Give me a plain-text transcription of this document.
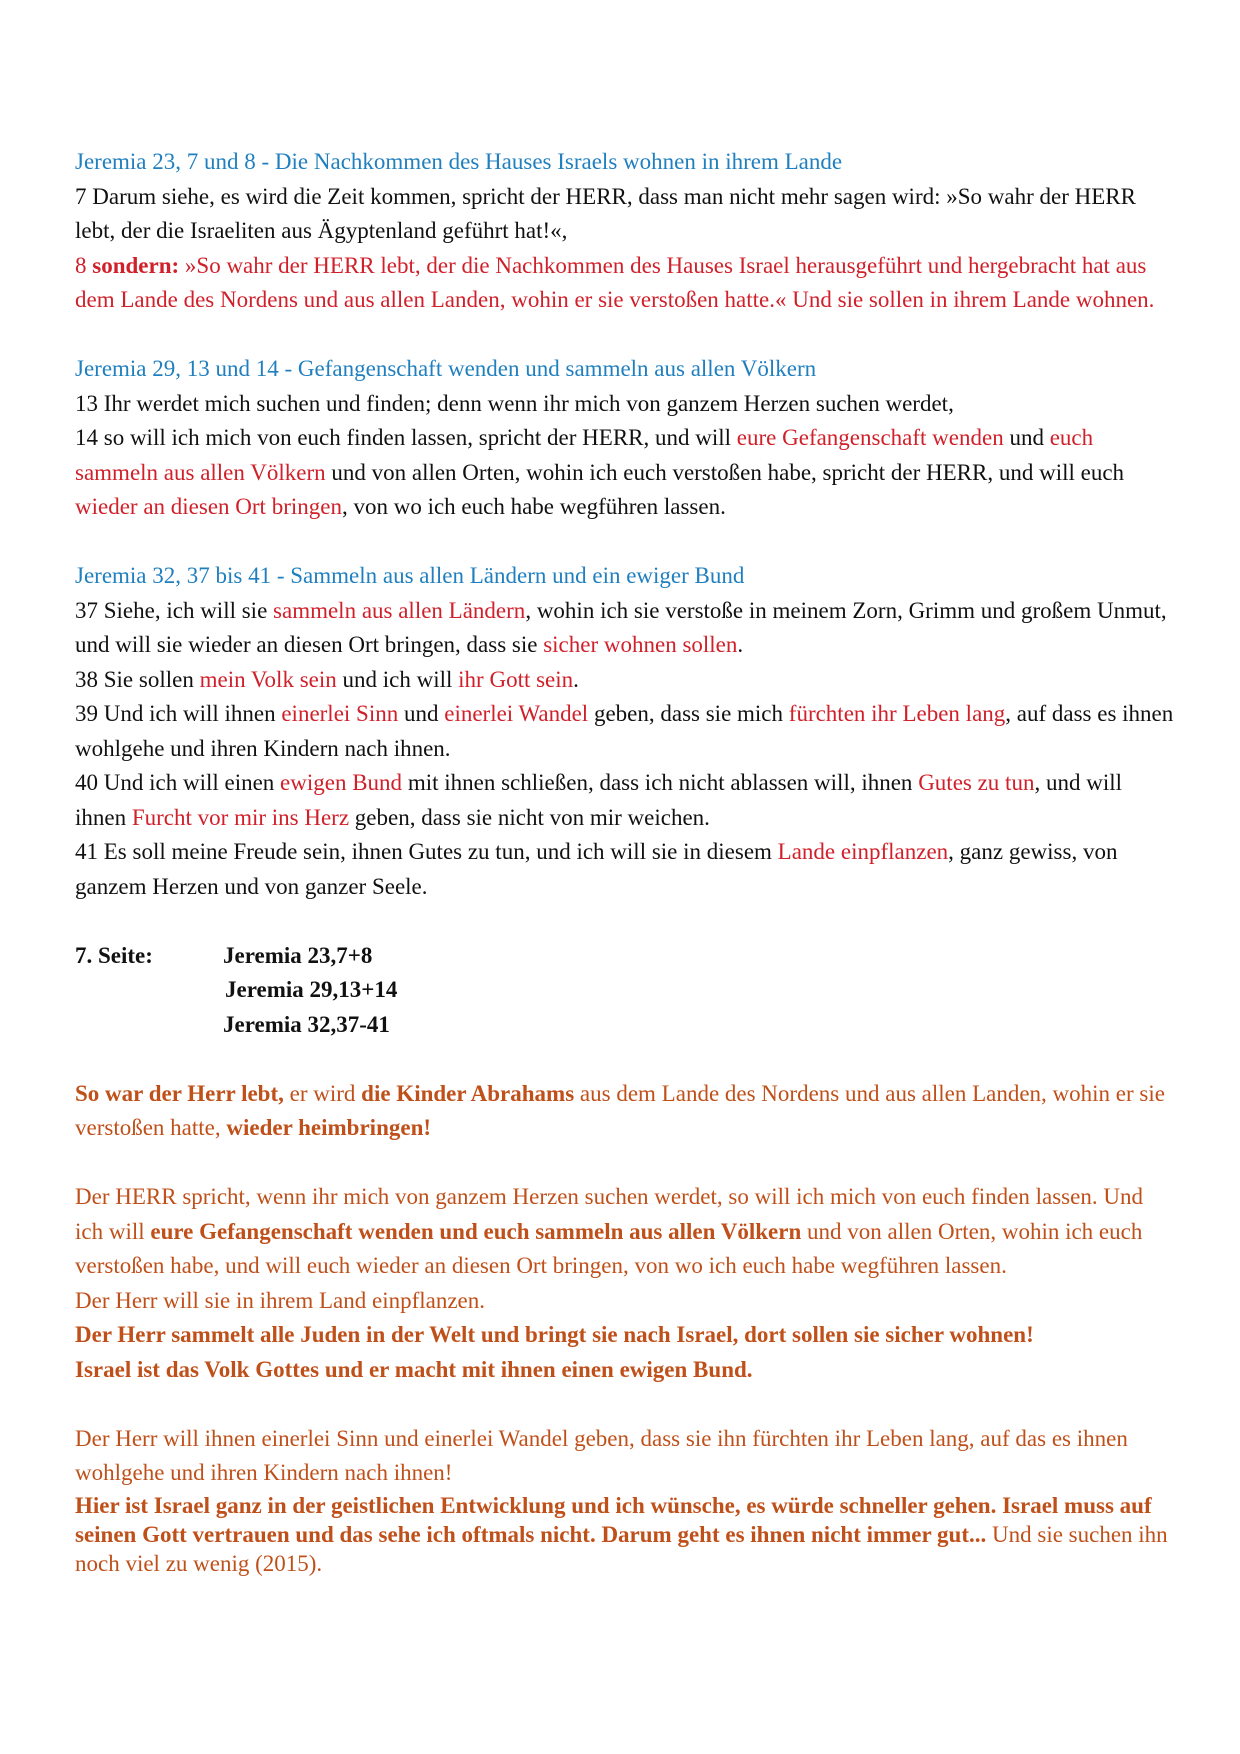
Jeremia 23, 7 und 8 - Die Nachkommen des Hauses Israels wohnen in ihrem Lande

7 Darum siehe, es wird die Zeit kommen, spricht der HERR, dass man nicht mehr sagen wird: »So wahr der HERR lebt, der die Israeliten aus Ägyptenland geführt hat!«,

8 sondern: »So wahr der HERR lebt, der die Nachkommen des Hauses Israel herausgeführt und hergebracht hat aus dem Lande des Nordens und aus allen Landen, wohin er sie verstoßen hatte.« Und sie sollen in ihrem Lande wohnen.

Jeremia 29, 13 und 14 - Gefangenschaft wenden und sammeln aus allen Völkern

13 Ihr werdet mich suchen und finden; denn wenn ihr mich von ganzem Herzen suchen werdet,

14 so will ich mich von euch finden lassen, spricht der HERR, und will eure Gefangenschaft wenden und euch sammeln aus allen Völkern und von allen Orten, wohin ich euch verstoßen habe, spricht der HERR, und will euch wieder an diesen Ort bringen, von wo ich euch habe wegführen lassen.

Jeremia 32, 37 bis 41 - Sammeln aus allen Ländern und ein ewiger Bund

37 Siehe, ich will sie sammeln aus allen Ländern, wohin ich sie verstoße in meinem Zorn, Grimm und großem Unmut, und will sie wieder an diesen Ort bringen, dass sie sicher wohnen sollen.

38 Sie sollen mein Volk sein und ich will ihr Gott sein.

39 Und ich will ihnen einerlei Sinn und einerlei Wandel geben, dass sie mich fürchten ihr Leben lang, auf dass es ihnen wohlgehe und ihren Kindern nach ihnen.

40 Und ich will einen ewigen Bund mit ihnen schließen, dass ich nicht ablassen will, ihnen Gutes zu tun, und will ihnen Furcht vor mir ins Herz geben, dass sie nicht von mir weichen.

41 Es soll meine Freude sein, ihnen Gutes zu tun, und ich will sie in diesem Lande einpflanzen, ganz gewiss, von ganzem Herzen und von ganzer Seele.

7. Seite:	Jeremia 23,7+8
Jeremia 29,13+14
Jeremia 32,37-41

So war der Herr lebt, er wird die Kinder Abrahams aus dem Lande des Nordens und aus allen Landen, wohin er sie verstoßen hatte, wieder heimbringen!

Der HERR spricht, wenn ihr mich von ganzem Herzen suchen werdet, so will ich mich von euch finden lassen. Und ich will eure Gefangenschaft wenden und euch sammeln aus allen Völkern und von allen Orten, wohin ich euch verstoßen habe, und will euch wieder an diesen Ort bringen, von wo ich euch habe wegführen lassen.

Der Herr will sie in ihrem Land einpflanzen.

Der Herr sammelt alle Juden in der Welt und bringt sie nach Israel, dort sollen sie sicher wohnen!

Israel ist das Volk Gottes und er macht mit ihnen einen ewigen Bund.

Der Herr will ihnen einerlei Sinn und einerlei Wandel geben, dass sie ihn fürchten ihr Leben lang, auf das es ihnen wohlgehe und ihren Kindern nach ihnen!

Hier ist Israel ganz in der geistlichen Entwicklung und ich wünsche, es würde schneller gehen. Israel muss auf seinen Gott vertrauen und das sehe ich oftmals nicht. Darum geht es ihnen nicht immer gut... Und sie suchen ihn noch viel zu wenig (2015).
